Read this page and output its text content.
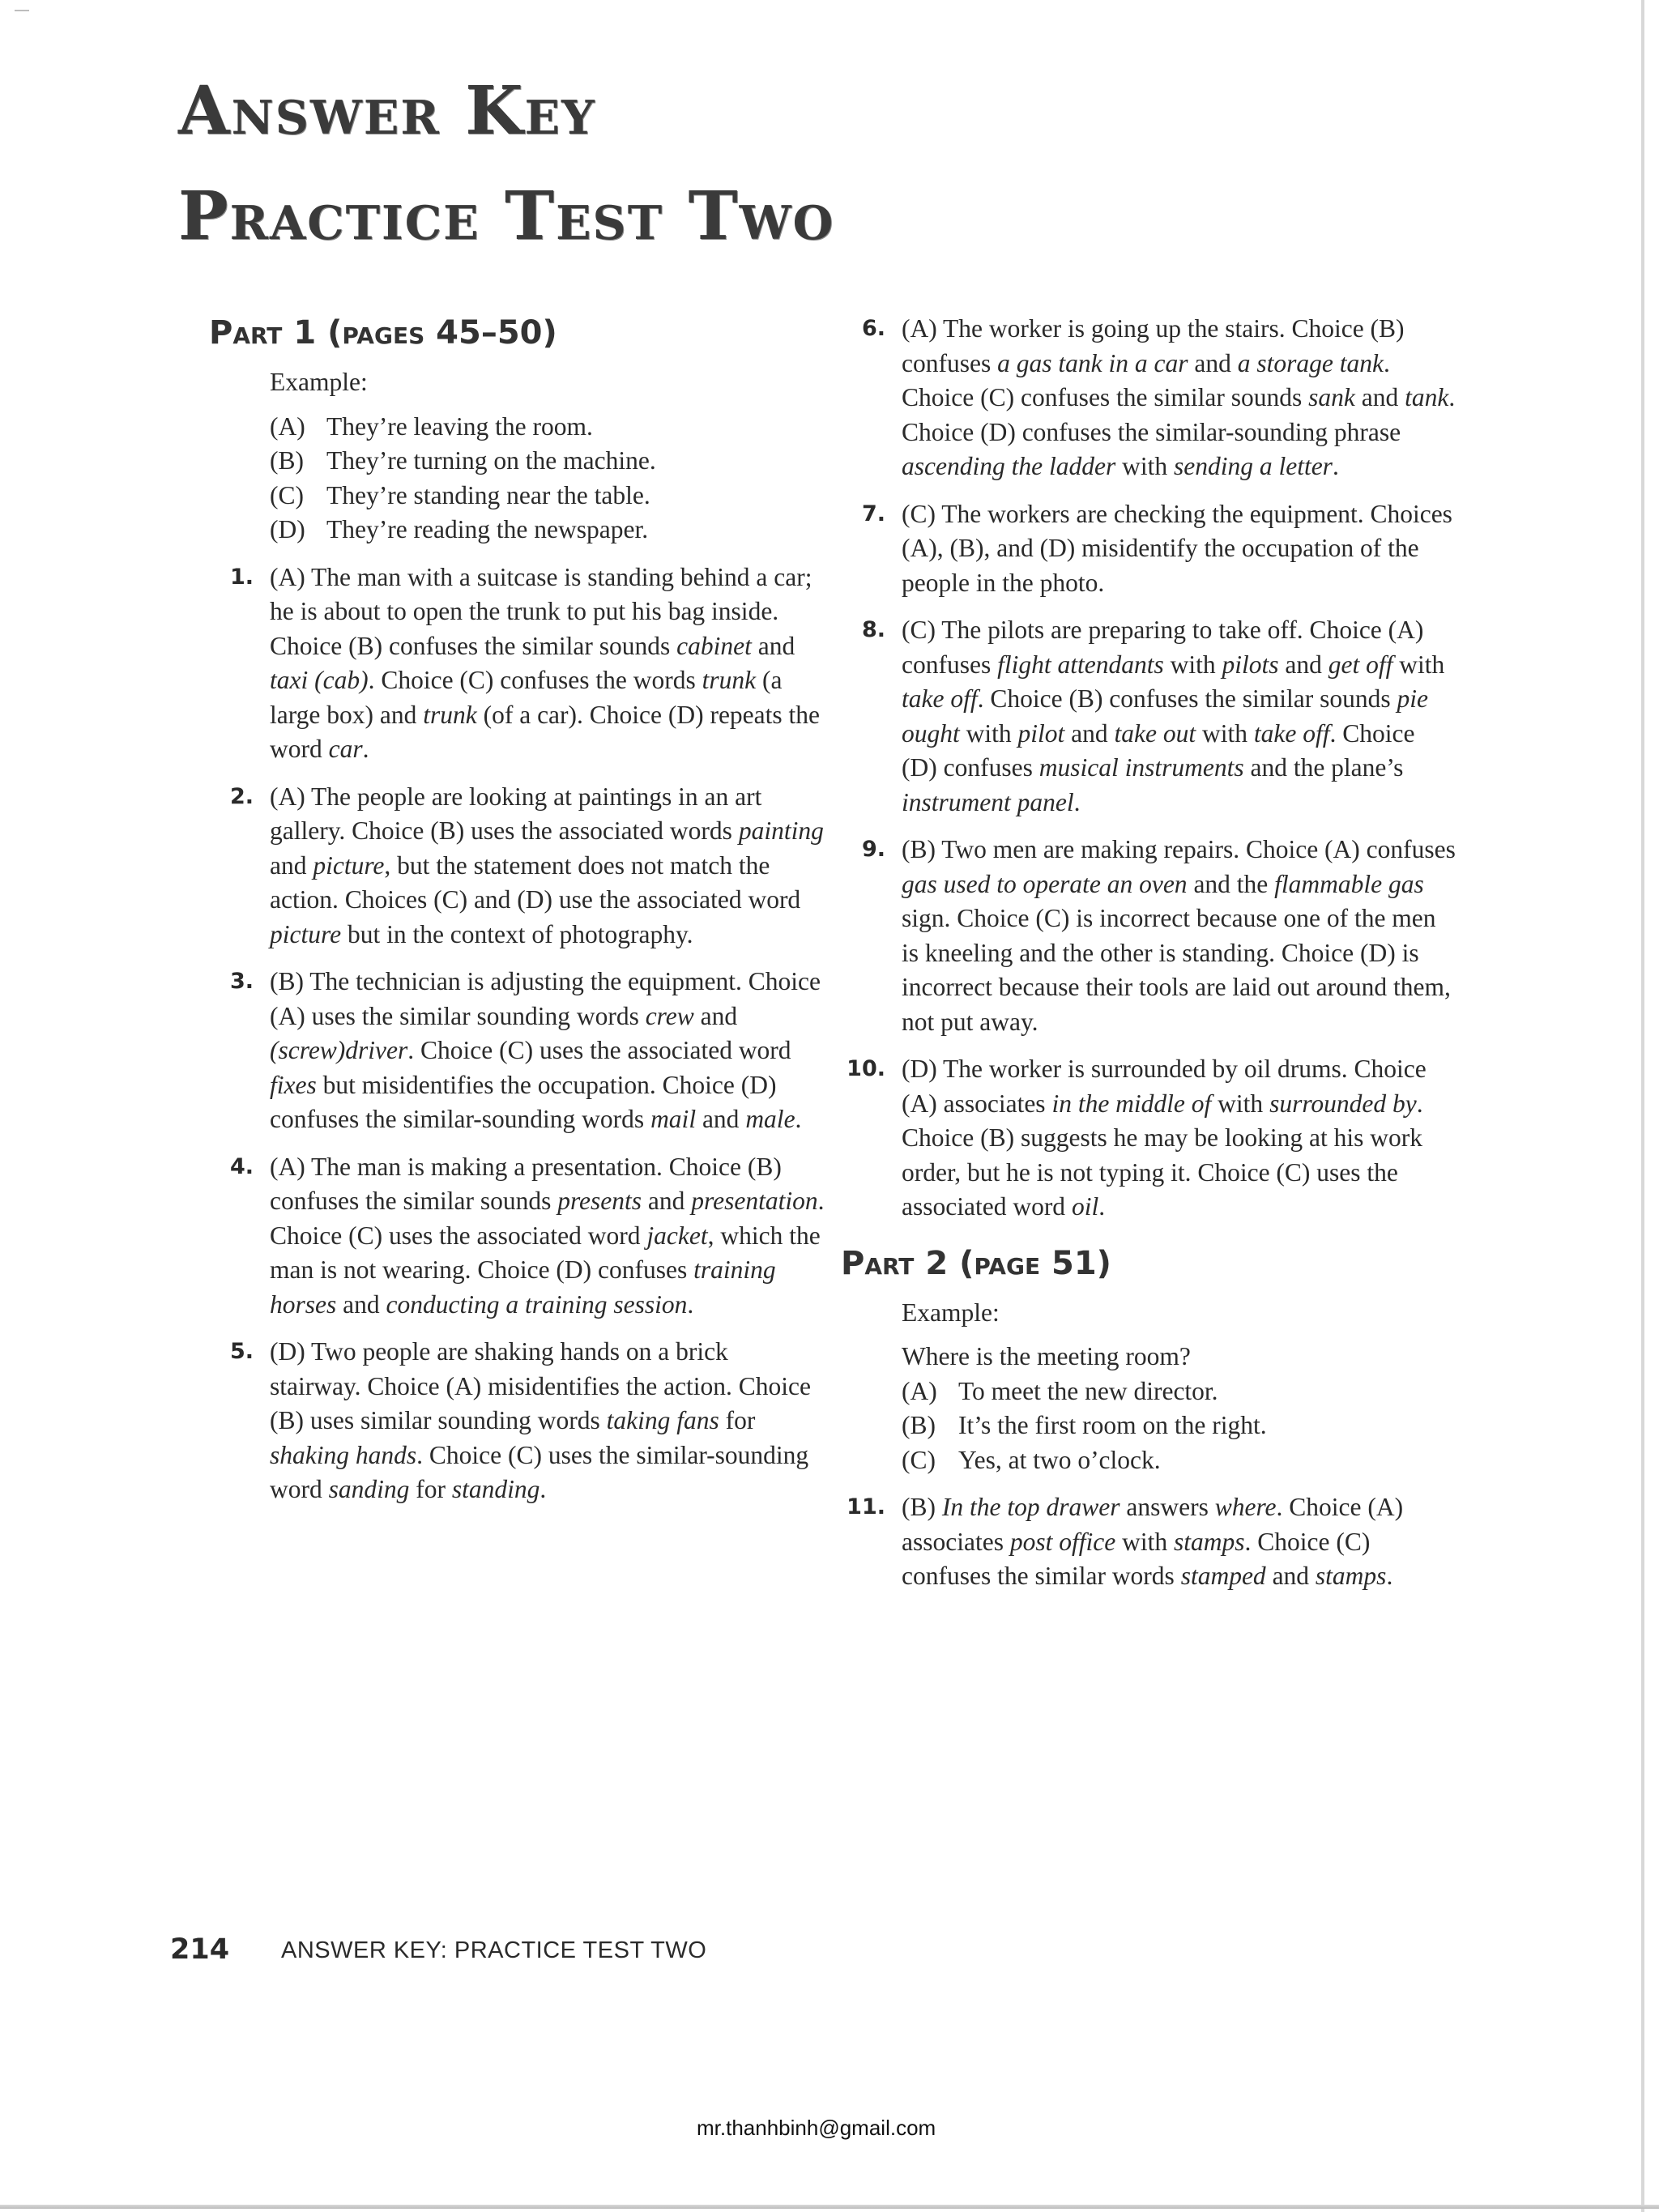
Answer Key
Practice Test Two
Part 1 (pages 45–50)
Example:
(A) They’re leaving the room.
(B) They’re turning on the machine.
(C) They’re standing near the table.
(D) They’re reading the newspaper.
1. (A) The man with a suitcase is standing behind a car; he is about to open the trunk to put his bag inside. Choice (B) confuses the similar sounds cabinet and taxi (cab). Choice (C) confuses the words trunk (a large box) and trunk (of a car). Choice (D) repeats the word car.
2. (A) The people are looking at paintings in an art gallery. Choice (B) uses the associated words painting and picture, but the statement does not match the action. Choices (C) and (D) use the associated word picture but in the context of photography.
3. (B) The technician is adjusting the equipment. Choice (A) uses the similar sounding words crew and (screw)driver. Choice (C) uses the associated word fixes but misidentifies the occupation. Choice (D) confuses the similar-sounding words mail and male.
4. (A) The man is making a presentation. Choice (B) confuses the similar sounds presents and presentation. Choice (C) uses the associated word jacket, which the man is not wearing. Choice (D) confuses training horses and conducting a training session.
5. (D) Two people are shaking hands on a brick stairway. Choice (A) misidentifies the action. Choice (B) uses similar sounding words taking fans for shaking hands. Choice (C) uses the similar-sounding word sanding for standing.
6. (A) The worker is going up the stairs. Choice (B) confuses a gas tank in a car and a storage tank. Choice (C) confuses the similar sounds sank and tank. Choice (D) confuses the similar-sounding phrase ascending the ladder with sending a letter.
7. (C) The workers are checking the equipment. Choices (A), (B), and (D) misidentify the occupation of the people in the photo.
8. (C) The pilots are preparing to take off. Choice (A) confuses flight attendants with pilots and get off with take off. Choice (B) confuses the similar sounds pie ought with pilot and take out with take off. Choice (D) confuses musical instruments and the plane’s instrument panel.
9. (B) Two men are making repairs. Choice (A) confuses gas used to operate an oven and the flammable gas sign. Choice (C) is incorrect because one of the men is kneeling and the other is standing. Choice (D) is incorrect because their tools are laid out around them, not put away.
10. (D) The worker is surrounded by oil drums. Choice (A) associates in the middle of with surrounded by. Choice (B) suggests he may be looking at his work order, but he is not typing it. Choice (C) uses the associated word oil.
Part 2 (page 51)
Example:
Where is the meeting room?
(A) To meet the new director.
(B) It’s the first room on the right.
(C) Yes, at two o’clock.
11. (B) In the top drawer answers where. Choice (A) associates post office with stamps. Choice (C) confuses the similar words stamped and stamps.
214 ANSWER KEY: PRACTICE TEST TWO
mr.thanhbinh@gmail.com
